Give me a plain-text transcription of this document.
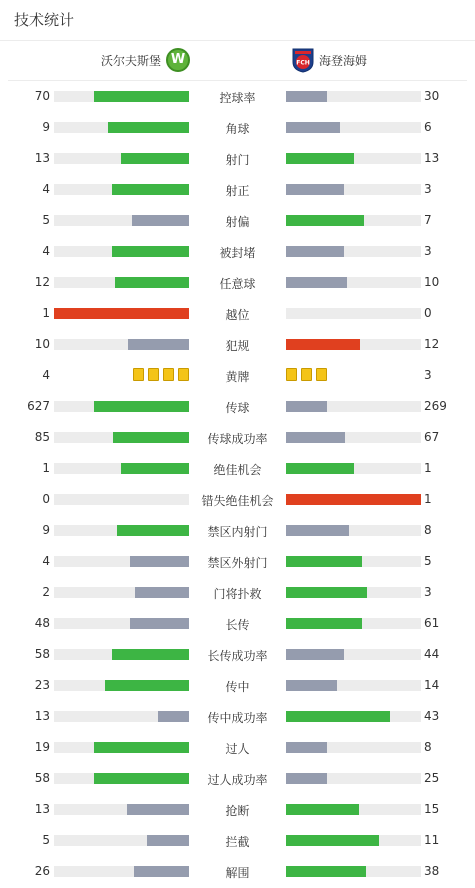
技术统计
沃尔夫斯堡 W	FCH 海登海姆
70	控球率	30
9	角球	6
13	射门	13
4	射正	3
5	射偏	7
4	被封堵	3
12	任意球	10
1	越位	0
10	犯规	12
4	黄牌	3
627	传球	269
85	传球成功率	67
1	绝佳机会	1
0	错失绝佳机会	1
9	禁区内射门	8
4	禁区外射门	5
2	门将扑救	3
48	长传	61
58	长传成功率	44
23	传中	14
13	传中成功率	43
19	过人	8
58	过人成功率	25
13	抢断	15
5	拦截	11
26	解围	38
